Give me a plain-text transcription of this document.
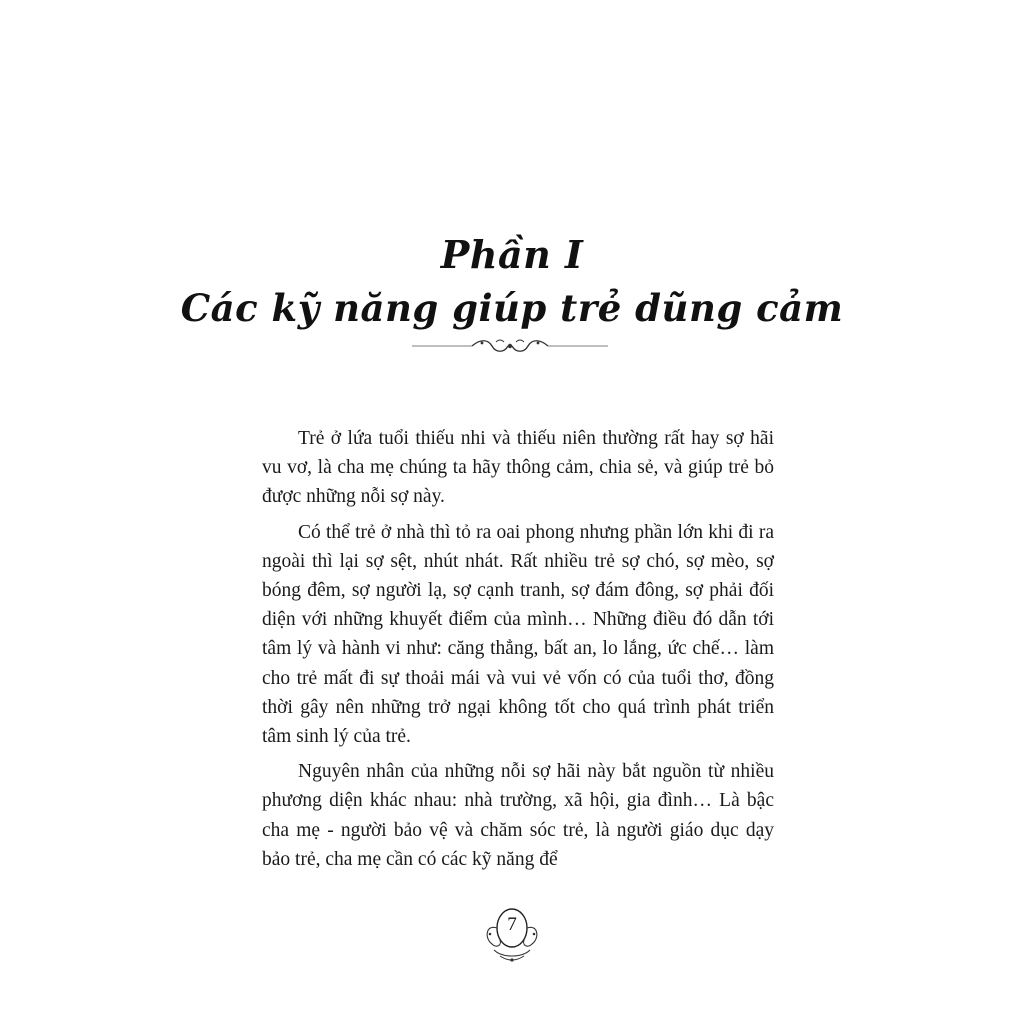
Phần I
Các kỹ năng giúp trẻ dũng cảm

Trẻ ở lứa tuổi thiếu nhi và thiếu niên thường rất hay sợ hãi vu vơ, là cha mẹ chúng ta hãy thông cảm, chia sẻ, và giúp trẻ bỏ được những nỗi sợ này.

Có thể trẻ ở nhà thì tỏ ra oai phong nhưng phần lớn khi đi ra ngoài thì lại sợ sệt, nhút nhát. Rất nhiều trẻ sợ chó, sợ mèo, sợ bóng đêm, sợ người lạ, sợ cạnh tranh, sợ đám đông, sợ phải đối diện với những khuyết điểm của mình… Những điều đó dẫn tới tâm lý và hành vi như: căng thẳng, bất an, lo lắng, ức chế… làm cho trẻ mất đi sự thoải mái và vui vẻ vốn có của tuổi thơ, đồng thời gây nên những trở ngại không tốt cho quá trình phát triển tâm sinh lý của trẻ.

Nguyên nhân của những nỗi sợ hãi này bắt nguồn từ nhiều phương diện khác nhau: nhà trường, xã hội, gia đình… Là bậc cha mẹ - người bảo vệ và chăm sóc trẻ, là người giáo dục dạy bảo trẻ, cha mẹ cần có các kỹ năng để

7
